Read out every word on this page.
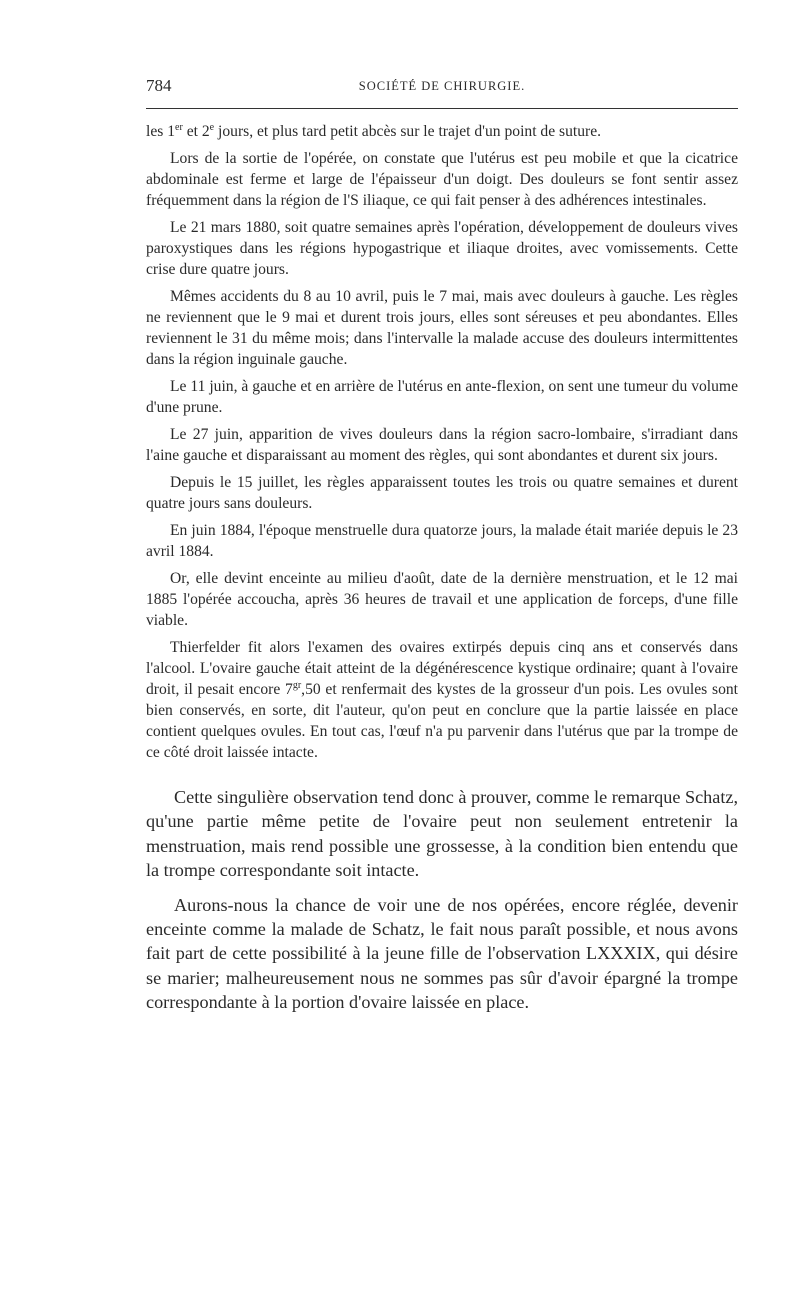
784	SOCIÉTÉ DE CHIRURGIE.

les 1er et 2e jours, et plus tard petit abcès sur le trajet d'un point de suture.

Lors de la sortie de l'opérée, on constate que l'utérus est peu mobile et que la cicatrice abdominale est ferme et large de l'épaisseur d'un doigt. Des douleurs se font sentir assez fréquemment dans la région de l'S iliaque, ce qui fait penser à des adhérences intestinales.

Le 21 mars 1880, soit quatre semaines après l'opération, développement de douleurs vives paroxystiques dans les régions hypogastrique et iliaque droites, avec vomissements. Cette crise dure quatre jours.

Mêmes accidents du 8 au 10 avril, puis le 7 mai, mais avec douleurs à gauche. Les règles ne reviennent que le 9 mai et durent trois jours, elles sont séreuses et peu abondantes. Elles reviennent le 31 du même mois; dans l'intervalle la malade accuse des douleurs intermittentes dans la région inguinale gauche.

Le 11 juin, à gauche et en arrière de l'utérus en ante-flexion, on sent une tumeur du volume d'une prune.

Le 27 juin, apparition de vives douleurs dans la région sacro-lombaire, s'irradiant dans l'aine gauche et disparaissant au moment des règles, qui sont abondantes et durent six jours.

Depuis le 15 juillet, les règles apparaissent toutes les trois ou quatre semaines et durent quatre jours sans douleurs.

En juin 1884, l'époque menstruelle dura quatorze jours, la malade était mariée depuis le 23 avril 1884.

Or, elle devint enceinte au milieu d'août, date de la dernière menstruation, et le 12 mai 1885 l'opérée accoucha, après 36 heures de travail et une application de forceps, d'une fille viable.

Thierfelder fit alors l'examen des ovaires extirpés depuis cinq ans et conservés dans l'alcool. L'ovaire gauche était atteint de la dégénérescence kystique ordinaire; quant à l'ovaire droit, il pesait encore $7^{gr},50$ et renfermait des kystes de la grosseur d'un pois. Les ovules sont bien conservés, en sorte, dit l'auteur, qu'on peut en conclure que la partie laissée en place contient quelques ovules. En tout cas, l'œuf n'a pu parvenir dans l'utérus que par la trompe de ce côté droit laissée intacte.

Cette singulière observation tend donc à prouver, comme le remarque Schatz, qu'une partie même petite de l'ovaire peut non seulement entretenir la menstruation, mais rend possible une grossesse, à la condition bien entendu que la trompe correspondante soit intacte.

Aurons-nous la chance de voir une de nos opérées, encore réglée, devenir enceinte comme la malade de Schatz, le fait nous paraît possible, et nous avons fait part de cette possibilité à la jeune fille de l'observation LXXXIX, qui désire se marier; malheureusement nous ne sommes pas sûr d'avoir épargné la trompe correspondante à la portion d'ovaire laissée en place.
